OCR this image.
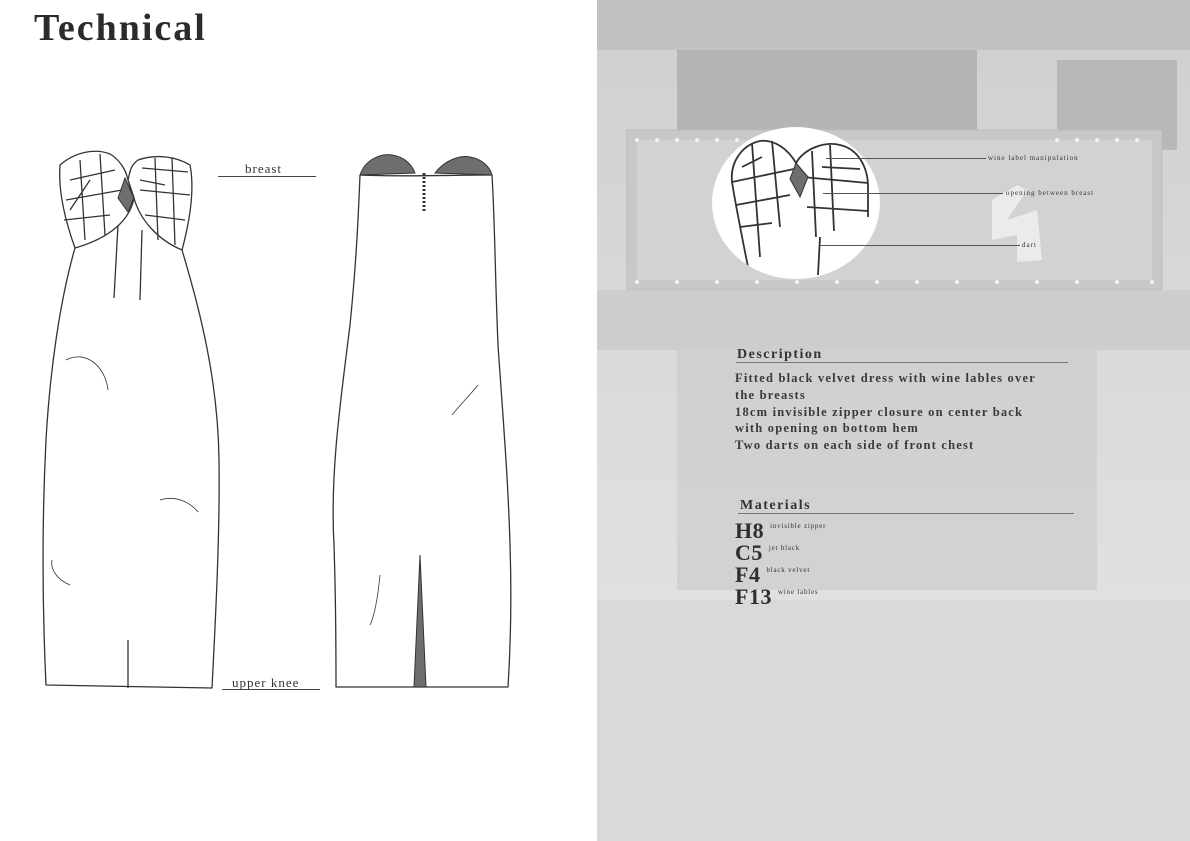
Technical
breast
upper knee
wine label manipulation
opening between breast
dart
Description
Fitted black velvet dress with wine lables over
the breasts
18cm invisible zipper closure on center back
with opening on bottom hem
Two darts on each side of front chest
Materials
H8 invisible zipper
C5 jet black
F4 black velvet
F13 wine lables
